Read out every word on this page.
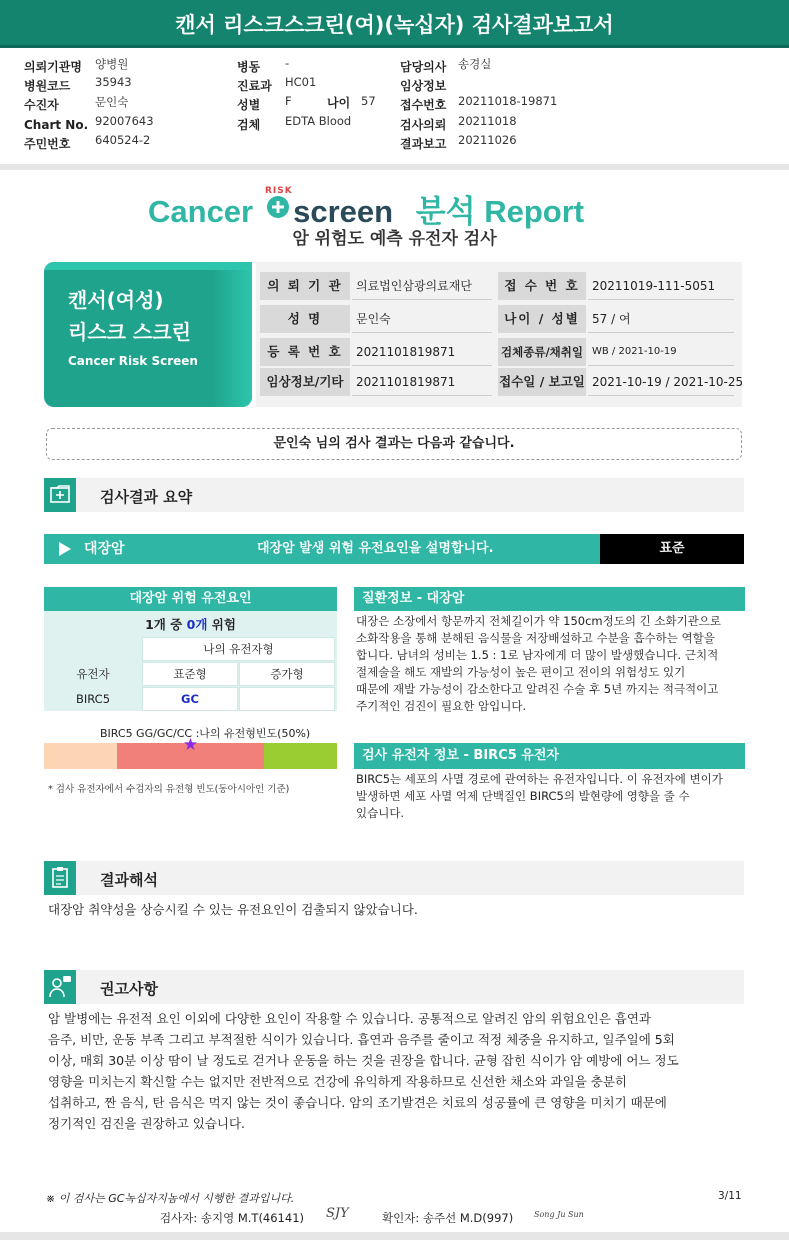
캔서 리스크스크린(여)(녹십자) 검사결과보고서
의뢰기관명 양병원
병원코드 35943
수진자	문인숙
Chart No. 92007643
주민번호 640524-2
병동 -
진료과 HC01
성별 F	나이 57
검체 EDTA Blood
담당의사 송경실
임상정보
접수번호 20211018-19871
검사의뢰 20211018
결과보고 20211026
RISK
Cancer screen 분석 Report
암 위험도 예측 유전자 검사
캔서(여성)
리스크 스크린
Cancer Risk Screen
의 뢰 기 관	의료법인삼광의료재단	접 수 번 호	20211019-111-5051
성 명	문인숙	나이 / 성별	57 / 여
등 록 번 호	2021101819871	검체종류/채취일 WB / 2021-10-19
임상정보/기타	2021101819871	접수일 / 보고일 2021-10-19 / 2021-10-25
문인숙 님의 검사 결과는 다음과 같습니다.
검사결과 요약
대장암	대장암 발생 위험 유전요인을 설명합니다.	표준
대장암 위험 유전요인
1개 중 0개 위험
나의 유전자형
유전자	표준형	증가형
BIRC5	GC
BIRC5 GG/GC/CC :나의 유전형빈도(50%)
★
* 검사 유전자에서 수검자의 유전형 빈도(동아시아인 기준)
질환정보 - 대장암
대장은 소장에서 항문까지 전체길이가 약 150cm정도의 긴 소화기관으로
소화작용을 통해 분해된 음식물을 저장배설하고 수분을 흡수하는 역할을
합니다. 남녀의 성비는 1.5 : 1로 남자에게 더 많이 발생했습니다. 근치적
절제술을 해도 재발의 가능성이 높은 편이고 전이의 위험성도 있기
때문에 재발 가능성이 감소한다고 알려진 수술 후 5년 까지는 적극적이고
주기적인 검진이 필요한 암입니다.
검사 유전자 정보 - BIRC5 유전자
BIRC5는 세포의 사멸 경로에 관여하는 유전자입니다. 이 유전자에 변이가
발생하면 세포 사멸 억제 단백질인 BIRC5의 발현량에 영향을 줄 수
있습니다.
결과해석
대장암 취약성을 상승시킬 수 있는 유전요인이 검출되지 않았습니다.
권고사항
암 발병에는 유전적 요인 이외에 다양한 요인이 작용할 수 있습니다. 공통적으로 알려진 암의 위험요인은 흡연과
음주, 비만, 운동 부족 그리고 부적절한 식이가 있습니다. 흡연과 음주를 줄이고 적정 체중을 유지하고, 일주일에 5회
이상, 매회 30분 이상 땀이 날 정도로 걷거나 운동을 하는 것을 권장을 합니다. 균형 잡힌 식이가 암 예방에 어느 정도
영향을 미치는지 확신할 수는 없지만 전반적으로 건강에 유익하게 작용하므로 신선한 채소와 과일을 충분히
섭취하고, 짠 음식, 탄 음식은 먹지 않는 것이 좋습니다. 암의 조기발견은 치료의 성공률에 큰 영향을 미치기 때문에
정기적인 검진을 권장하고 있습니다.
※ 이 검사는 GC녹십자지놈에서 시행한 결과입니다.	3/11
검사자: 송지영 M.T(46141) SJY	확인자: 송주선 M.D(997)	Song Ju Sun
